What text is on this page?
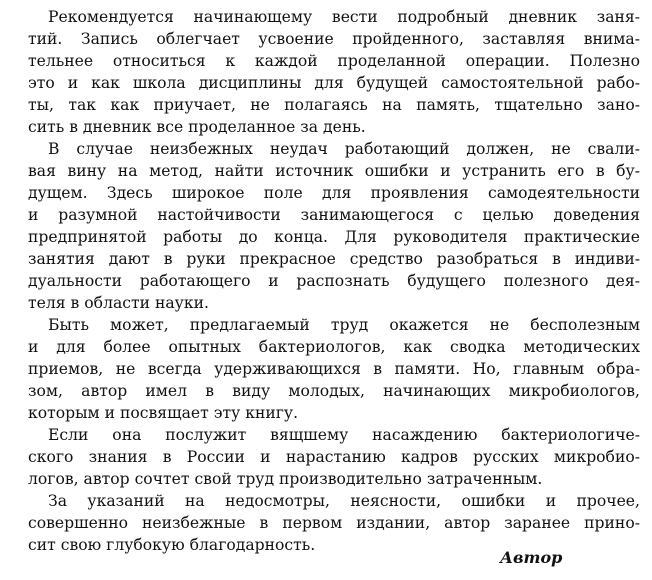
Рекомендуется начинающему вести подробный дневник заня-
тий. Запись облегчает усвоение пройденного, заставляя внима-
тельнее относиться к каждой проделанной операции. Полезно
это и как школа дисциплины для будущей самостоятельной рабо-
ты, так как приучает, не полагаясь на память, тщательно зано-
сить в дневник все проделанное за день.

В случае неизбежных неудач работающий должен, не свали-
вая вину на метод, найти источник ошибки и устранить его в бу-
дущем. Здесь широкое поле для проявления самодеятельности
и разумной настойчивости занимающегося с целью доведения
предпринятой работы до конца. Для руководителя практические
занятия дают в руки прекрасное средство разобраться в индиви-
дуальности работающего и распознать будущего полезного дея-
теля в области науки.

Быть может, предлагаемый труд окажется не бесполезным
и для более опытных бактериологов, как сводка методических
приемов, не всегда удерживающихся в памяти. Но, главным обра-
зом, автор имел в виду молодых, начинающих микробиологов,
которым и посвящает эту книгу.

Если она послужит вящшему насаждению бактериологиче-
ского знания в России и нарастанию кадров русских микробио-
логов, автор сочтет свой труд производительно затраченным.

За указаний на недосмотры, неясности, ошибки и прочее,
совершенно неизбежные в первом издании, автор заранее прино-
сит свою глубокую благодарность.

Автор
